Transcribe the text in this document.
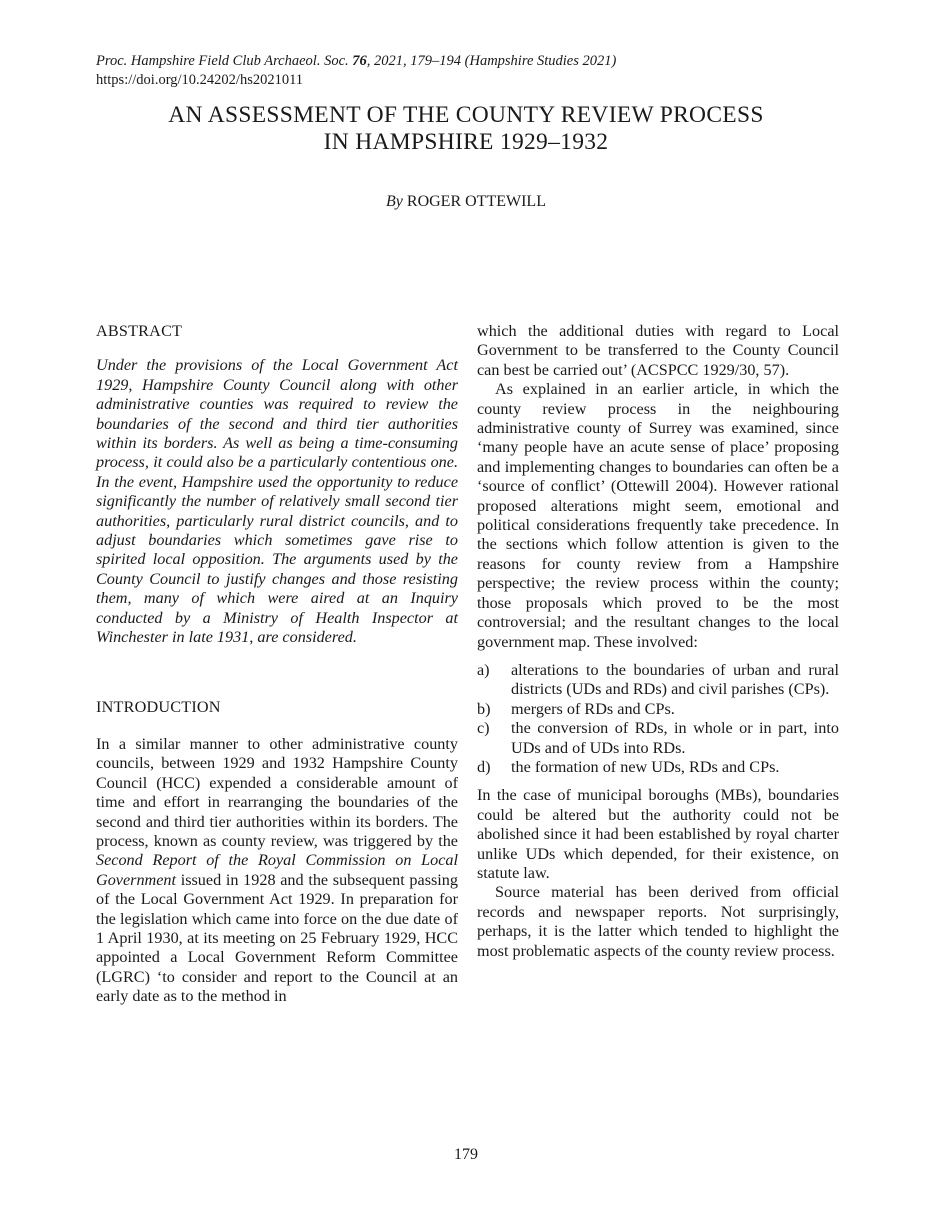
Proc. Hampshire Field Club Archaeol. Soc. 76, 2021, 179–194 (Hampshire Studies 2021)
https://doi.org/10.24202/hs2021011
AN ASSESSMENT OF THE COUNTY REVIEW PROCESS
IN HAMPSHIRE 1929–1932
By ROGER OTTEWILL
ABSTRACT

Under the provisions of the Local Government Act 1929, Hampshire County Council along with other administrative counties was required to review the boundaries of the second and third tier authorities within its borders. As well as being a time-consuming process, it could also be a particularly contentious one. In the event, Hampshire used the opportunity to reduce significantly the number of relatively small second tier authorities, particularly rural district councils, and to adjust boundaries which sometimes gave rise to spirited local opposition. The arguments used by the County Council to justify changes and those resisting them, many of which were aired at an Inquiry conducted by a Ministry of Health Inspector at Winchester in late 1931, are considered.

INTRODUCTION

In a similar manner to other administrative county councils, between 1929 and 1932 Hampshire County Council (HCC) expended a considerable amount of time and effort in rearranging the boundaries of the second and third tier authorities within its borders. The process, known as county review, was triggered by the Second Report of the Royal Commission on Local Government issued in 1928 and the subsequent passing of the Local Government Act 1929. In preparation for the legislation which came into force on the due date of 1 April 1930, at its meeting on 25 February 1929, HCC appointed a Local Government Reform Committee (LGRC) ‘to consider and report to the Council at an early date as to the method in

which the additional duties with regard to Local Government to be transferred to the County Council can best be carried out’ (ACSPCC 1929/30, 57).

As explained in an earlier article, in which the county review process in the neighbouring administrative county of Surrey was examined, since ‘many people have an acute sense of place’ proposing and implementing changes to boundaries can often be a ‘source of conflict’ (Ottewill 2004). However rational proposed alterations might seem, emotional and political considerations frequently take precedence. In the sections which follow attention is given to the reasons for county review from a Hampshire perspective; the review process within the county; those proposals which proved to be the most controversial; and the resultant changes to the local government map. These involved:

a)	alterations to the boundaries of urban and rural districts (UDs and RDs) and civil parishes (CPs).
b)	mergers of RDs and CPs.
c)	the conversion of RDs, in whole or in part, into UDs and of UDs into RDs.
d)	the formation of new UDs, RDs and CPs.

In the case of municipal boroughs (MBs), boundaries could be altered but the authority could not be abolished since it had been established by royal charter unlike UDs which depended, for their existence, on statute law.

Source material has been derived from official records and newspaper reports. Not surprisingly, perhaps, it is the latter which tended to highlight the most problematic aspects of the county review process.

179
